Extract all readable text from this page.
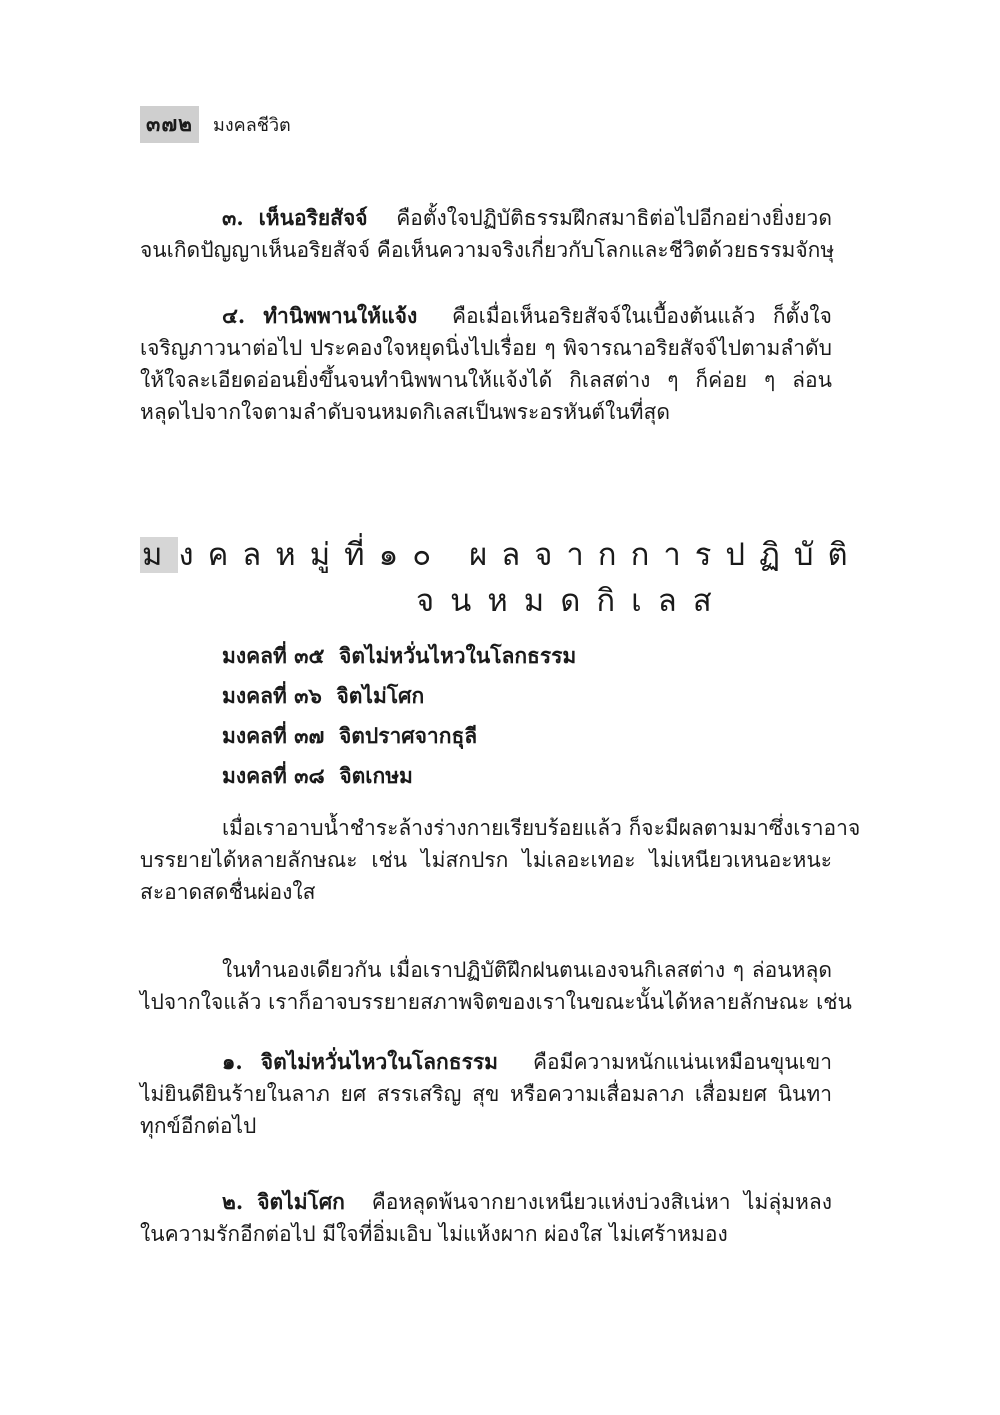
๓๗๒	มงคลชีวิต
๓. เห็นอริยสัจจ์ คือตั้งใจปฏิบัติธรรมฝึกสมาธิต่อไปอีกอย่างยิ่งยวด
จนเกิดปัญญาเห็นอริยสัจจ์ คือเห็นความจริงเกี่ยวกับโลกและชีวิตด้วยธรรมจักษุ
๔. ทำนิพพานให้แจ้ง คือเมื่อเห็นอริยสัจจ์ในเบื้องต้นแล้ว ก็ตั้งใจ
เจริญภาวนาต่อไป ประคองใจหยุดนิ่งไปเรื่อย ๆ พิจารณาอริยสัจจ์ไปตามลำดับ
ให้ใจละเอียดอ่อนยิ่งขึ้นจนทำนิพพานให้แจ้งได้ กิเลสต่าง ๆ ก็ค่อย ๆ ล่อน
หลุดไปจากใจตามลำดับจนหมดกิเลสเป็นพระอรหันต์ในที่สุด
มงคลหมู่ที่๑๐ ผลจากการปฏิบัติ
จนหมดกิเลส
มงคลที่ ๓๕ จิตไม่หวั่นไหวในโลกธรรม
มงคลที่ ๓๖ จิตไม่โศก
มงคลที่ ๓๗ จิตปราศจากธุลี
มงคลที่ ๓๘ จิตเกษม
เมื่อเราอาบน้ำชำระล้างร่างกายเรียบร้อยแล้ว ก็จะมีผลตามมาซึ่งเราอาจ
บรรยายได้หลายลักษณะ เช่น ไม่สกปรก ไม่เลอะเทอะ ไม่เหนียวเหนอะหนะ
สะอาดสดชื่นผ่องใส
ในทำนองเดียวกัน เมื่อเราปฏิบัติฝึกฝนตนเองจนกิเลสต่าง ๆ ล่อนหลุด
ไปจากใจแล้ว เราก็อาจบรรยายสภาพจิตของเราในขณะนั้นได้หลายลักษณะ เช่น
๑. จิตไม่หวั่นไหวในโลกธรรม คือมีความหนักแน่นเหมือนขุนเขา
ไม่ยินดียินร้ายในลาภ ยศ สรรเสริญ สุข หรือความเสื่อมลาภ เสื่อมยศ นินทา
ทุกข์อีกต่อไป
๒. จิตไม่โศก คือหลุดพ้นจากยางเหนียวแห่งบ่วงสิเน่หา ไม่ลุ่มหลง
ในความรักอีกต่อไป มีใจที่อิ่มเอิบ ไม่แห้งผาก ผ่องใส ไม่เศร้าหมอง
